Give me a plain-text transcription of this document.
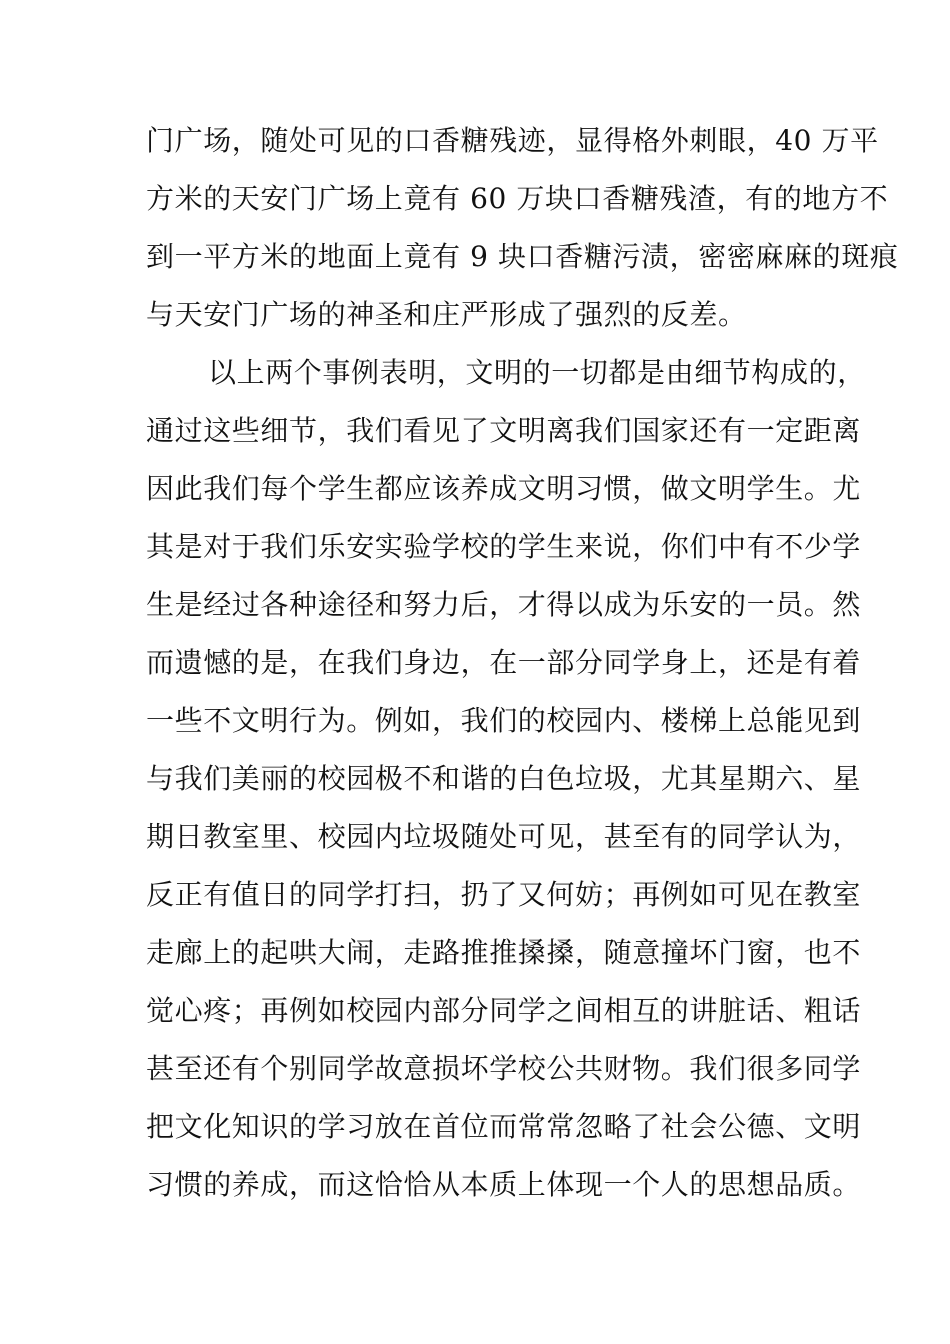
门广场，随处可见的口香糖残迹，显得格外刺眼，40 万平
方米的天安门广场上竟有 60 万块口香糖残渣，有的地方不
到一平方米的地面上竟有 9 块口香糖污渍，密密麻麻的斑痕
与天安门广场的神圣和庄严形成了强烈的反差。
以上两个事例表明，文明的一切都是由细节构成的，
通过这些细节，我们看见了文明离我们国家还有一定距离
因此我们每个学生都应该养成文明习惯，做文明学生。尤
其是对于我们乐安实验学校的学生来说，你们中有不少学
生是经过各种途径和努力后，才得以成为乐安的一员。然
而遗憾的是，在我们身边，在一部分同学身上，还是有着
一些不文明行为。例如，我们的校园内、楼梯上总能见到
与我们美丽的校园极不和谐的白色垃圾，尤其星期六、星
期日教室里、校园内垃圾随处可见，甚至有的同学认为，
反正有值日的同学打扫，扔了又何妨；再例如可见在教室
走廊上的起哄大闹，走路推推搡搡，随意撞坏门窗，也不
觉心疼；再例如校园内部分同学之间相互的讲脏话、粗话
甚至还有个别同学故意损坏学校公共财物。我们很多同学
把文化知识的学习放在首位而常常忽略了社会公德、文明
习惯的养成，而这恰恰从本质上体现一个人的思想品质。
